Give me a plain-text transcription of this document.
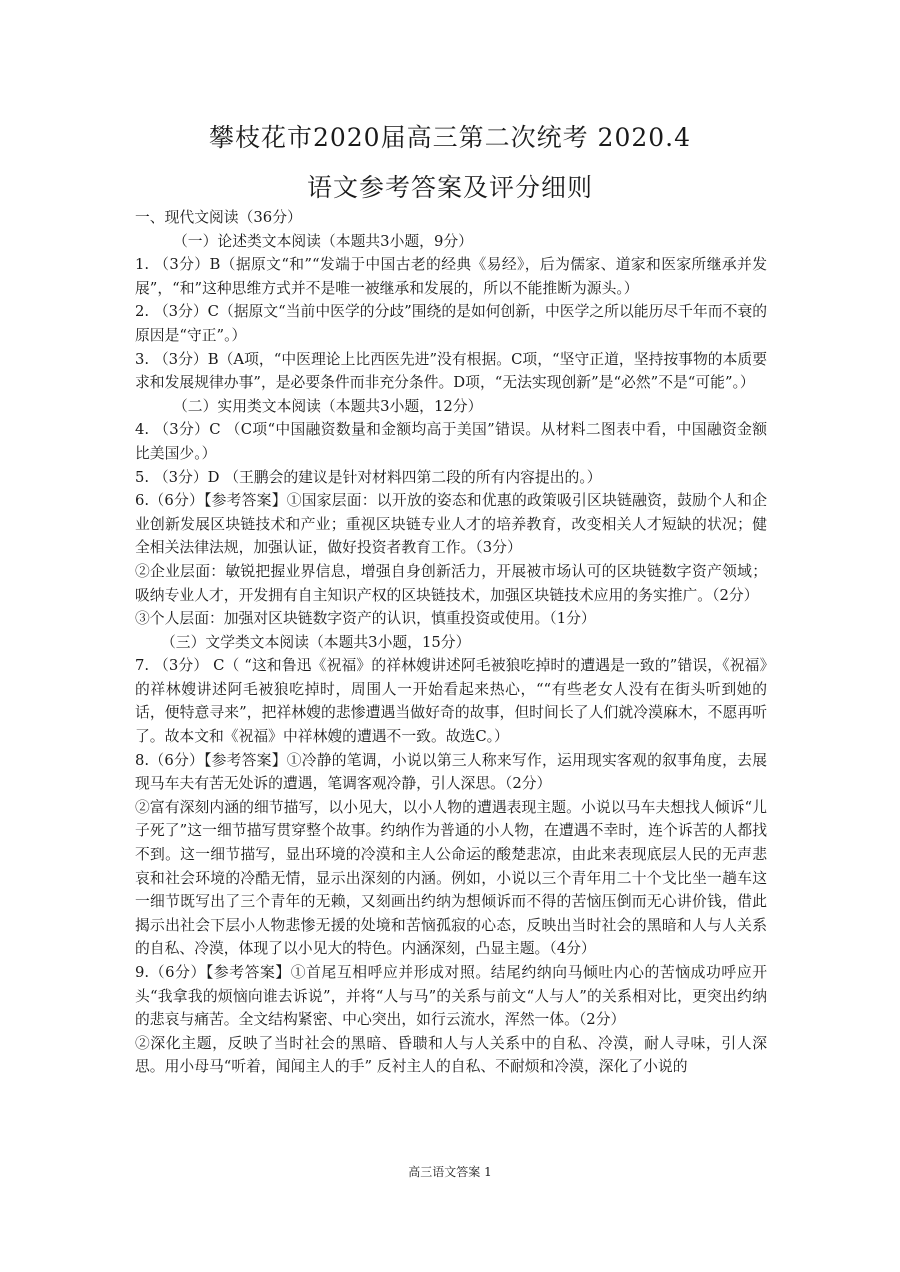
攀枝花市2020届高三第二次统考 2020.4
语文参考答案及评分细则

一、现代文阅读（36分）

（一）论述类文本阅读（本题共3小题，9分）

1. （3分）B（据原文“和”“发端于中国古老的经典《易经》，后为儒家、道家和医家所继承并发展”，“和”这种思维方式并不是唯一被继承和发展的，所以不能推断为源头。）

2. （3分）C（据原文“当前中医学的分歧”围绕的是如何创新，中医学之所以能历尽千年而不衰的原因是“守正”。）

3. （3分）B（A项，“中医理论上比西医先进”没有根据。C项，“坚守正道，坚持按事物的本质要求和发展规律办事”，是必要条件而非充分条件。D项，“无法实现创新”是“必然”不是“可能”。）

（二）实用类文本阅读（本题共3小题，12分）

4. （3分）C （C项“中国融资数量和金额均高于美国”错误。从材料二图表中看，中国融资金额比美国少。）

5. （3分）D （王鹏会的建议是针对材料四第二段的所有内容提出的。）

6.（6分）【参考答案】①国家层面：以开放的姿态和优惠的政策吸引区块链融资，鼓励个人和企业创新发展区块链技术和产业；重视区块链专业人才的培养教育，改变相关人才短缺的状况；健全相关法律法规，加强认证，做好投资者教育工作。（3分）

②企业层面：敏锐把握业界信息，增强自身创新活力，开展被市场认可的区块链数字资产领域；吸纳专业人才，开发拥有自主知识产权的区块链技术，加强区块链技术应用的务实推广。（2分）

③个人层面：加强对区块链数字资产的认识，慎重投资或使用。（1分）

（三）文学类文本阅读（本题共3小题，15分）

7. （3分） C（ “这和鲁迅《祝福》的祥林嫂讲述阿毛被狼吃掉时的遭遇是一致的”错误，《祝福》的祥林嫂讲述阿毛被狼吃掉时，周围人一开始看起来热心，““有些老女人没有在街头听到她的话，便特意寻来”，把祥林嫂的悲惨遭遇当做好奇的故事，但时间长了人们就冷漠麻木，不愿再听了。故本文和《祝福》中祥林嫂的遭遇不一致。故选C。）

8.（6分）【参考答案】①冷静的笔调，小说以第三人称来写作，运用现实客观的叙事角度，去展现马车夫有苦无处诉的遭遇，笔调客观冷静，引人深思。（2分）

②富有深刻内涵的细节描写，以小见大，以小人物的遭遇表现主题。小说以马车夫想找人倾诉“儿子死了”这一细节描写贯穿整个故事。约纳作为普通的小人物，在遭遇不幸时，连个诉苦的人都找不到。这一细节描写，显出环境的冷漠和主人公命运的酸楚悲凉，由此来表现底层人民的无声悲哀和社会环境的冷酷无情，显示出深刻的内涵。例如，小说以三个青年用二十个戈比坐一趟车这一细节既写出了三个青年的无赖，又刻画出约纳为想倾诉而不得的苦恼压倒而无心讲价钱，借此揭示出社会下层小人物悲惨无援的处境和苦恼孤寂的心态，反映出当时社会的黑暗和人与人关系的自私、冷漠，体现了以小见大的特色。内涵深刻，凸显主题。（4分）

9.（6分）【参考答案】①首尾互相呼应并形成对照。结尾约纳向马倾吐内心的苦恼成功呼应开头“我拿我的烦恼向谁去诉说”，并将“人与马”的关系与前文“人与人”的关系相对比，更突出约纳的悲哀与痛苦。全文结构紧密、中心突出，如行云流水，浑然一体。（2分）

②深化主题，反映了当时社会的黑暗、昏聩和人与人关系中的自私、冷漠，耐人寻味，引人深思。用小母马“听着，闻闻主人的手” 反衬主人的自私、不耐烦和冷漠，深化了小说的

高三语文答案 1
